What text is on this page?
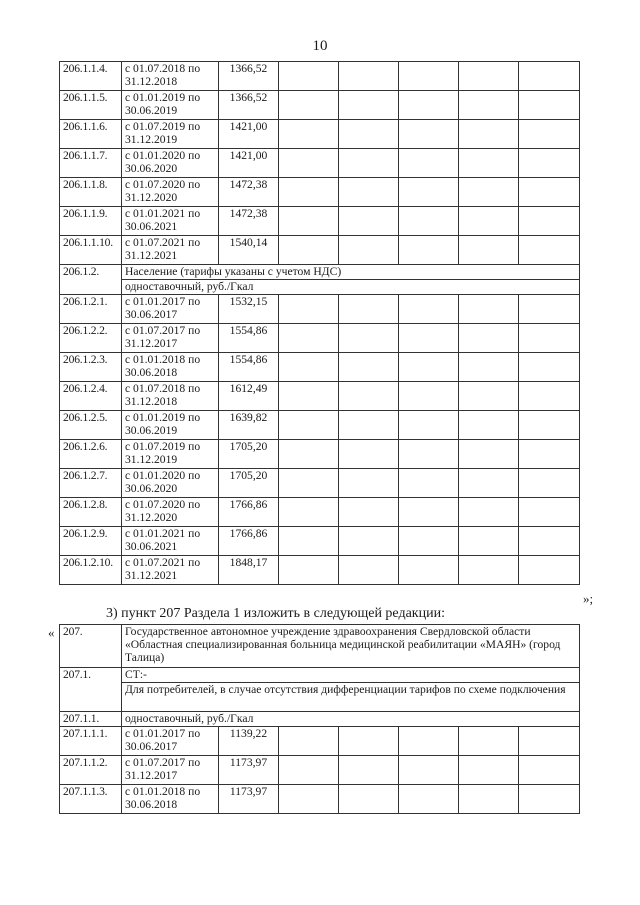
10
206.1.1.4.	с 01.07.2018 по 31.12.2018	1366,52					
206.1.1.5.	с 01.01.2019 по 30.06.2019	1366,52					
206.1.1.6.	с 01.07.2019 по 31.12.2019	1421,00					
206.1.1.7.	с 01.01.2020 по 30.06.2020	1421,00					
206.1.1.8.	с 01.07.2020 по 31.12.2020	1472,38					
206.1.1.9.	с 01.01.2021 по 30.06.2021	1472,38					
206.1.1.10.	с 01.07.2021 по 31.12.2021	1540,14					
206.1.2.	Население (тарифы указаны с учетом НДС)						
	одноставочный, руб./Гкал						
206.1.2.1.	с 01.01.2017 по 30.06.2017	1532,15					
206.1.2.2.	с 01.07.2017 по 31.12.2017	1554,86					
206.1.2.3.	с 01.01.2018 по 30.06.2018	1554,86					
206.1.2.4.	с 01.07.2018 по 31.12.2018	1612,49					
206.1.2.5.	с 01.01.2019 по 30.06.2019	1639,82					
206.1.2.6.	с 01.07.2019 по 31.12.2019	1705,20					
206.1.2.7.	с 01.01.2020 по 30.06.2020	1705,20					
206.1.2.8.	с 01.07.2020 по 31.12.2020	1766,86					
206.1.2.9.	с 01.01.2021 по 30.06.2021	1766,86					
206.1.2.10.	с 01.07.2021 по 31.12.2021	1848,17					
»;
3) пункт 207 Раздела 1 изложить в следующей редакции:
« 207.	Государственное автономное учреждение здравоохранения Свердловской области «Областная специализированная больница медицинской реабилитации «МАЯН» (город Талица)						
207.1.	СТ:-						
	Для потребителей, в случае отсутствия дифференциации тарифов по схеме подключения						
207.1.1.	одноставочный, руб./Гкал						
207.1.1.1.	с 01.01.2017 по 30.06.2017	1139,22					
207.1.1.2.	с 01.07.2017 по 31.12.2017	1173,97					
207.1.1.3.	с 01.01.2018 по 30.06.2018	1173,97					
